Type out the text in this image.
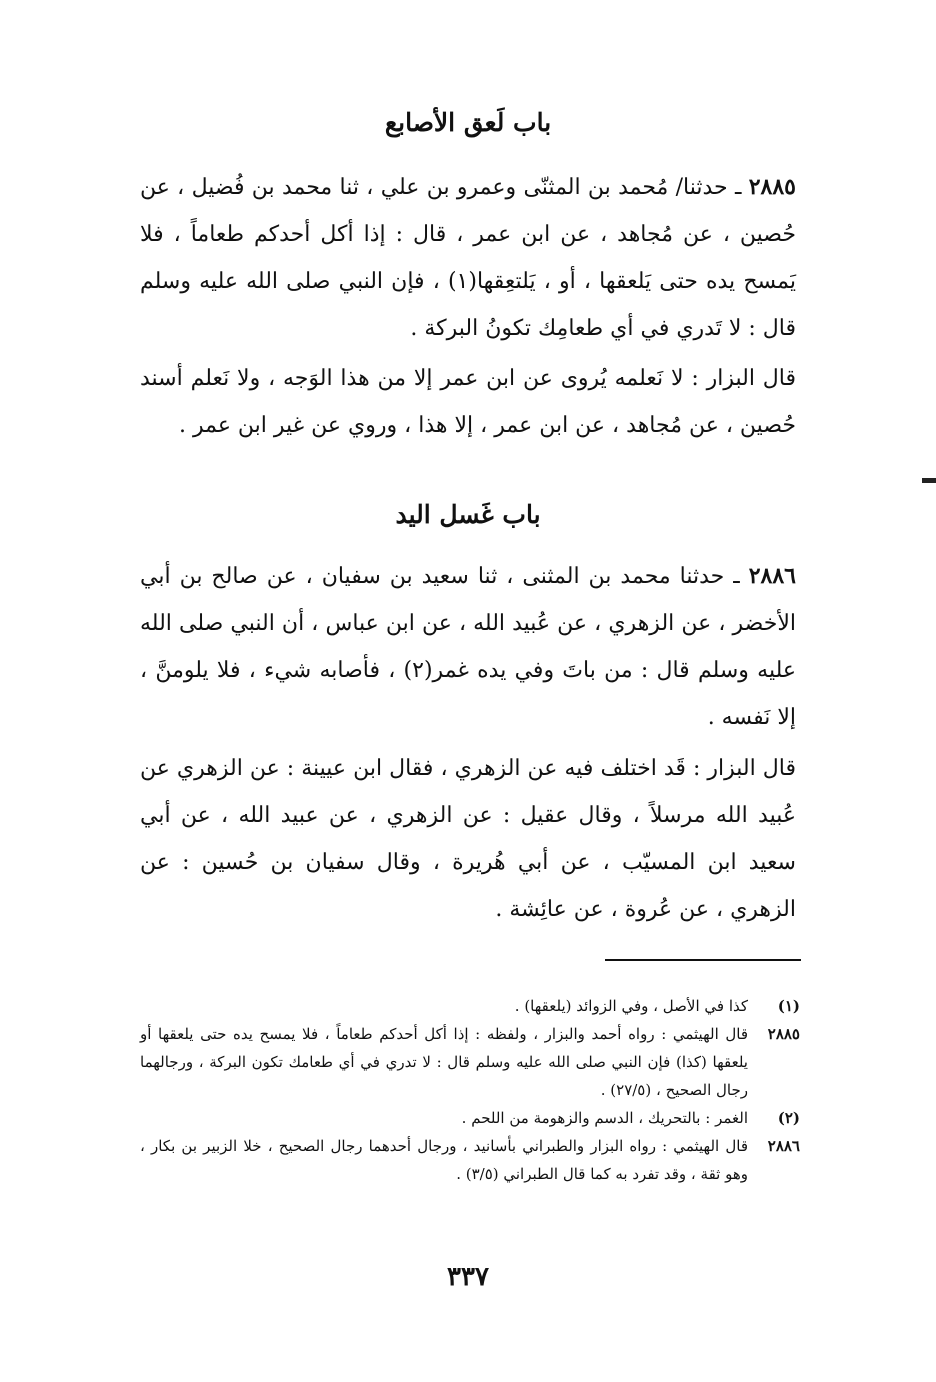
باب لَعق الأصابع
٢٨٨٥ ـ حدثنا/ مُحمد بن المثنّى وعمرو بن علي ، ثنا محمد بن فُضيل ، عن حُصين ، عن مُجاهد ، عن ابن عمر ، قال : إذا أكل أحدكم طعاماً ، فلا يَمسح يده حتى يَلعقها ، أو ، يَلتعِقها(١) ، فإن النبي صلى الله عليه وسلم قال : لا تَدري في أي طعامِك تكونُ البركة .
قال البزار : لا نَعلمه يُروى عن ابن عمر إلا من هذا الوَجه ، ولا نَعلم أسند حُصين ، عن مُجاهد ، عن ابن عمر ، إلا هذا ، وروي عن غير ابن عمر .
باب غَسل اليد
٢٨٨٦ ـ حدثنا محمد بن المثنى ، ثنا سعيد بن سفيان ، عن صالح بن أبي الأخضر ، عن الزهري ، عن عُبيد الله ، عن ابن عباس ، أن النبي صلى الله عليه وسلم قال : من باتَ وفي يده غمر(٢) ، فأصابه شيء ، فلا يلومنَّ ، إلا نَفسه .
قال البزار : قَد اختلف فيه عن الزهري ، فقال ابن عيينة : عن الزهري عن عُبيد الله مرسلاً ، وقال عقيل : عن الزهري ، عن عبيد الله ، عن أبي سعيد ابن المسيّب ، عن أبي هُريرة ، وقال سفيان بن حُسين : عن الزهري ، عن عُروة ، عن عائِشة .
(١)
كذا في الأصل ، وفي الزوائد (يلعقها) .
٢٨٨٥
قال الهيثمي : رواه أحمد والبزار ، ولفظه : إذا أكل أحدكم طعاماً ، فلا يمسح يده حتى يلعقها أو يلعقها (كذا) فإن النبي صلى الله عليه وسلم قال : لا تدري في أي طعامك تكون البركة ، ورجالهما رجال الصحيح ، (٢٧/٥) .
(٢)
الغمر : بالتحريك ، الدسم والزهومة من اللحم .
٢٨٨٦
قال الهيثمي : رواه البزار والطبراني بأسانيد ، ورجال أحدهما رجال الصحيح ، خلا الزبير بن بكار ، وهو ثقة ، وقد تفرد به كما قال الطبراني (٣/٥) .
٣٣٧
